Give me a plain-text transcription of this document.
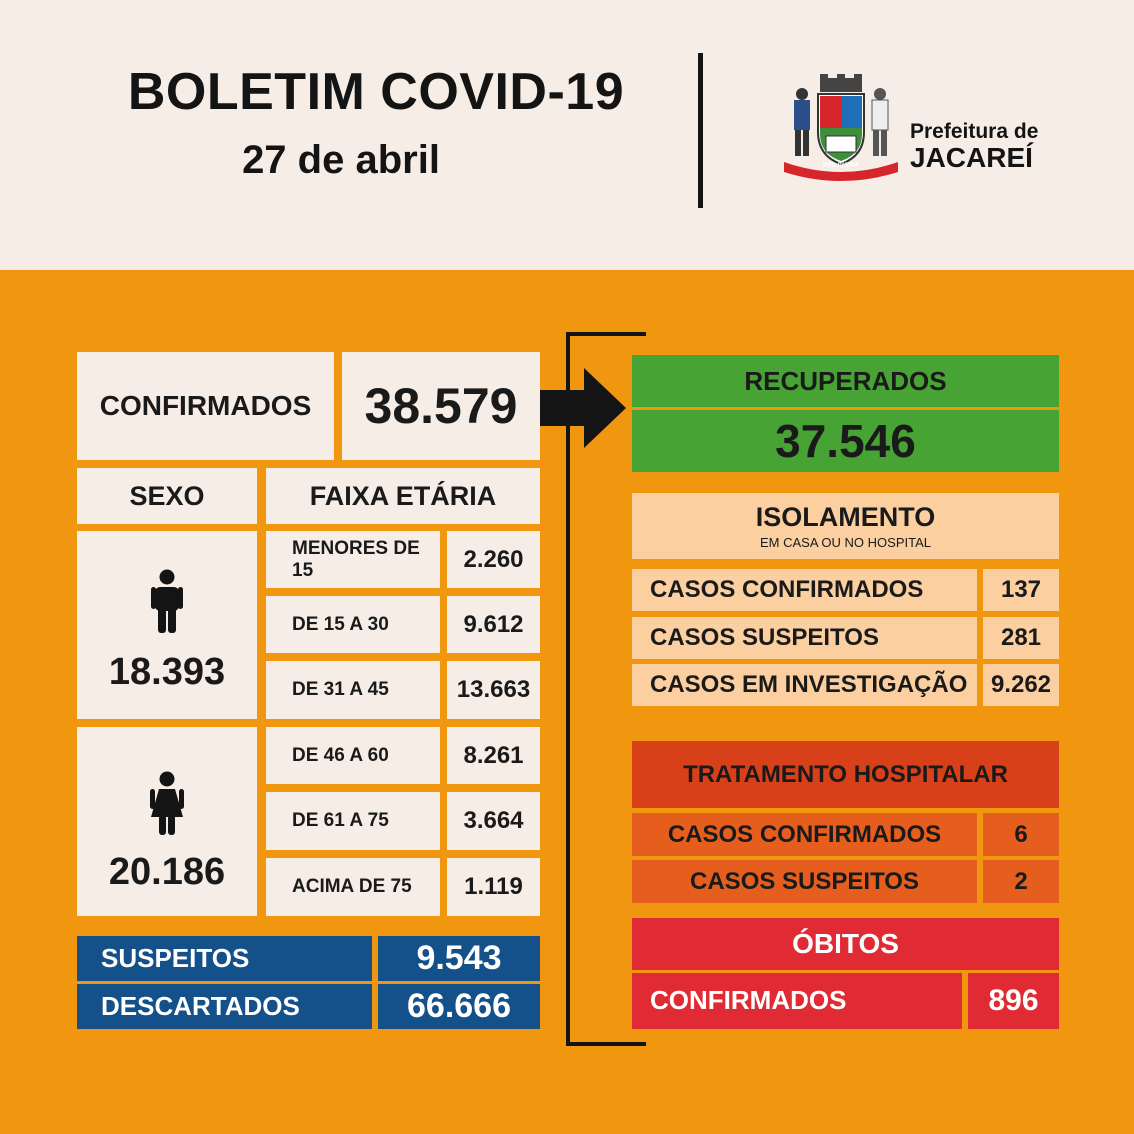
BOLETIM COVID-19
27 de abril	PRO PATRIA
Prefeitura de
JACAREÍ
CONFIRMADOS	38.579
SEXO	FAIXA ETÁRIA
18.393
20.186
MENORES DE 15	2.260
DE 15 A 30	9.612
DE 31 A 45	13.663
DE 46 A 60	8.261
DE 61 A 75	3.664
ACIMA DE 75	1.119
SUSPEITOS	9.543
DESCARTADOS	66.666
RECUPERADOS
37.546
ISOLAMENTO
EM CASA OU NO HOSPITAL
CASOS CONFIRMADOS	137
CASOS SUSPEITOS	281
CASOS EM INVESTIGAÇÃO 9.262
TRATAMENTO HOSPITALAR
CASOS CONFIRMADOS	6
CASOS SUSPEITOS	2
ÓBITOS
CONFIRMADOS	896
